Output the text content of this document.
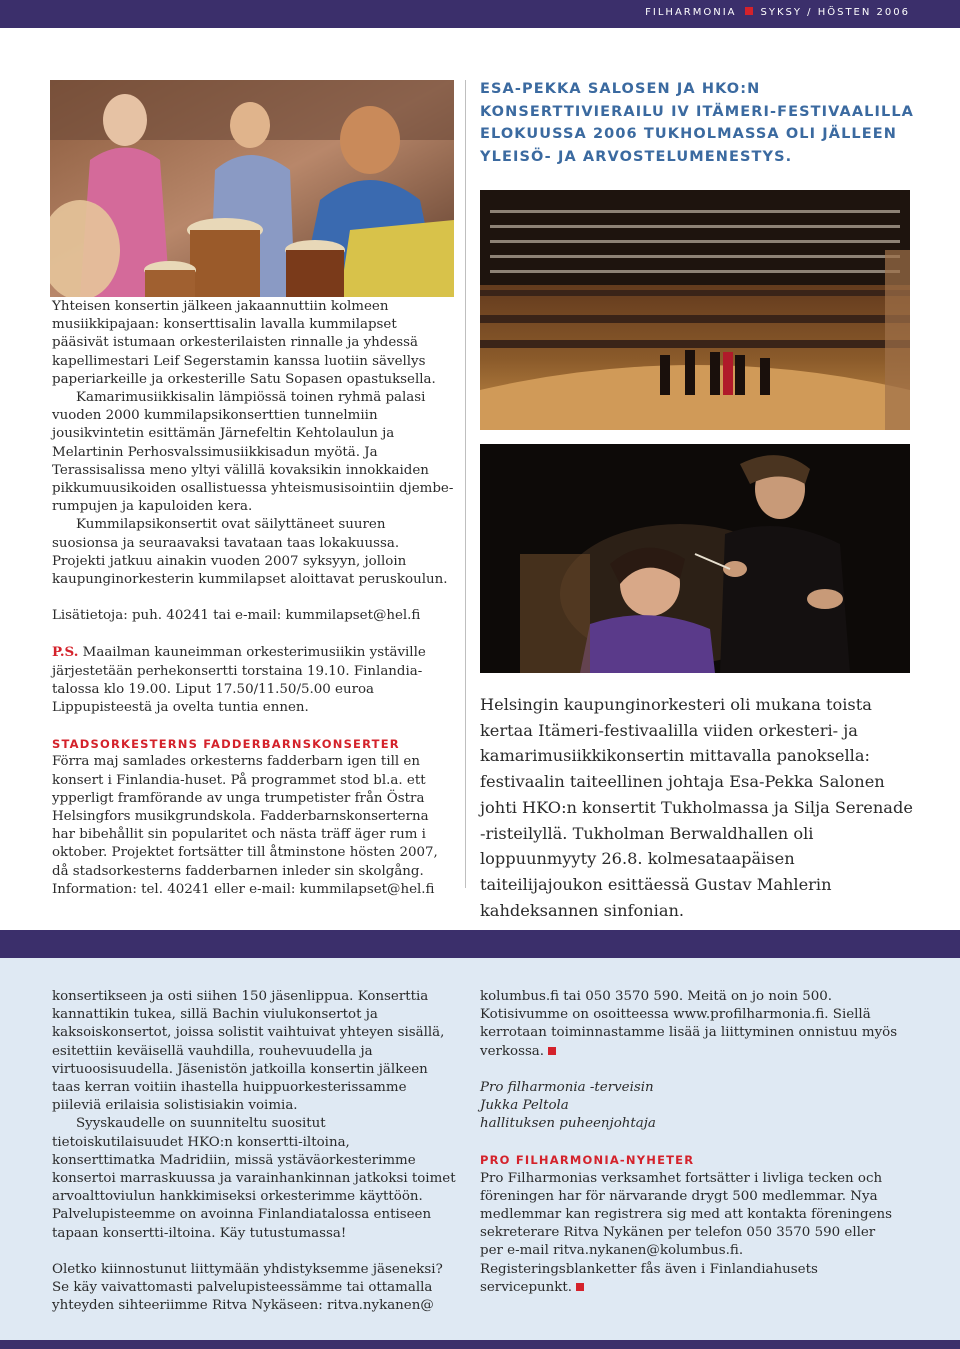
FILHARMONIA SYKSY / HÖSTEN 2006
ESA-PEKKA SALOSEN JA HKO:N
KONSERTTIVIERAILU IV ITÄMERI-FESTIVAALILLA
ELOKUUSSA 2006 TUKHOLMASSA OLI JÄLLEEN
YLEISÖ- JA ARVOSTELUMENESTYS.

Yhteisen konsertin jälkeen jakaannuttiin kolmeen musiikkipajaan: konserttisalin lavalla kummilapset pääsivät istumaan orkesterilaisten rinnalle ja yhdessä kapellimestari Leif Segerstamin kanssa luotiin sävellys paperiarkeille ja orkesterille Satu Sopasen opastuksella.

Kamarimusiikkisalin lämpiössä toinen ryhmä palasi vuoden 2000 kummilapsikonserttien tunnelmiin jousikvintetin esittämän Järnefeltin Kehtolaulun ja Melartinin Perhosvalssimusiikkisadun myötä. Ja Terassisalissa meno yltyi välillä kovaksikin innokkaiden pikkumuusikoiden osallistuessa yhteismusisointiin djembe-rumpujen ja kapuloiden kera.

Kummilapsikonsertit ovat säilyttäneet suuren suosionsa ja seuraavaksi tavataan taas lokakuussa. Projekti jatkuu ainakin vuoden 2007 syksyyn, jolloin kaupunginorkesterin kummilapset aloittavat peruskoulun.

Lisätietoja: puh. 40241 tai e-mail: kummilapset@hel.fi

P.S. Maailman kauneimman orkesterimusiikin ystäville järjestetään perhekonsertti torstaina 19.10. Finlandia-talossa klo 19.00. Liput 17.50/11.50/5.00 euroa Lippupisteestä ja ovelta tuntia ennen.

STADSORKESTERNS FADDERBARNSKONSERTER

Förra maj samlades orkesterns fadderbarn igen till en konsert i Finlandia-huset. På programmet stod bl.a. ett ypperligt framförande av unga trumpetister från Östra Helsingfors musikgrundskola. Fadderbarnskonserterna har bibehållit sin popularitet och nästa träff äger rum i oktober. Projektet fortsätter till åtminstone hösten 2007, då stadsorkesterns fadderbarnen inleder sin skolgång.

Information: tel. 40241 eller e-mail: kummilapset@hel.fi

Helsingin kaupunginorkesteri oli mukana toista kertaa Itämeri-festivaalilla viiden orkesteri- ja kamarimusiikkikonsertin mittavalla panoksella: festivaalin taiteellinen johtaja Esa-Pekka Salonen johti HKO:n konsertit Tukholmassa ja Silja Serenade -risteilyllä. Tukholman Berwaldhallen oli loppuunmyyty 26.8. kolmesataapäisen taiteilijajoukon esittäessä Gustav Mahlerin kahdeksannen sinfonian.

konsertikseen ja osti siihen 150 jäsenlippua. Konserttia kannattikin tukea, sillä Bachin viulukonsertot ja kaksoiskonsertot, joissa solistit vaihtuivat yhteyen sisällä, esitettiin keväisellä vauhdilla, rouhevuudella ja virtuoosisuudella. Jäsenistön jatkoilla konsertin jälkeen taas kerran voitiin ihastella huippuorkesterissamme piileviä erilaisia solistisiakin voimia.

Syyskaudelle on suunniteltu suositut tietoiskutilaisuudet HKO:n konsertti-iltoina, konserttimatka Madridiin, missä ystäväorkesterimme konsertoi marraskuussa ja varainhankinnan jatkoksi toimet arvoalttoviulun hankkimiseksi orkesterimme käyttöön. Palvelupisteemme on avoinna Finlandiatalossa entiseen tapaan konsertti-iltoina. Käy tutustumassa!

Oletko kiinnostunut liittymään yhdistyksemme jäseneksi? Se käy vaivattomasti palvelupisteessämme tai ottamalla yhteyden sihteeriimme Ritva Nykäseen: ritva.nykanen@

kolumbus.fi tai 050 3570 590. Meitä on jo noin 500. Kotisivumme on osoitteessa www.profilharmonia.fi. Siellä kerrotaan toiminnastamme lisää ja liittyminen onnistuu myös verkossa.

Pro filharmonia -terveisin

Jukka Peltola

hallituksen puheenjohtaja

PRO FILHARMONIA-NYHETER

Pro Filharmonias verksamhet fortsätter i livliga tecken och föreningen har för närvarande drygt 500 medlemmar. Nya medlemmar kan registrera sig med att kontakta föreningens sekreterare Ritva Nykänen per telefon 050 3570 590 eller per e-mail ritva.nykanen@kolumbus.fi. Registeringsblanketter fås även i Finlandiahusets servicepunkt.
